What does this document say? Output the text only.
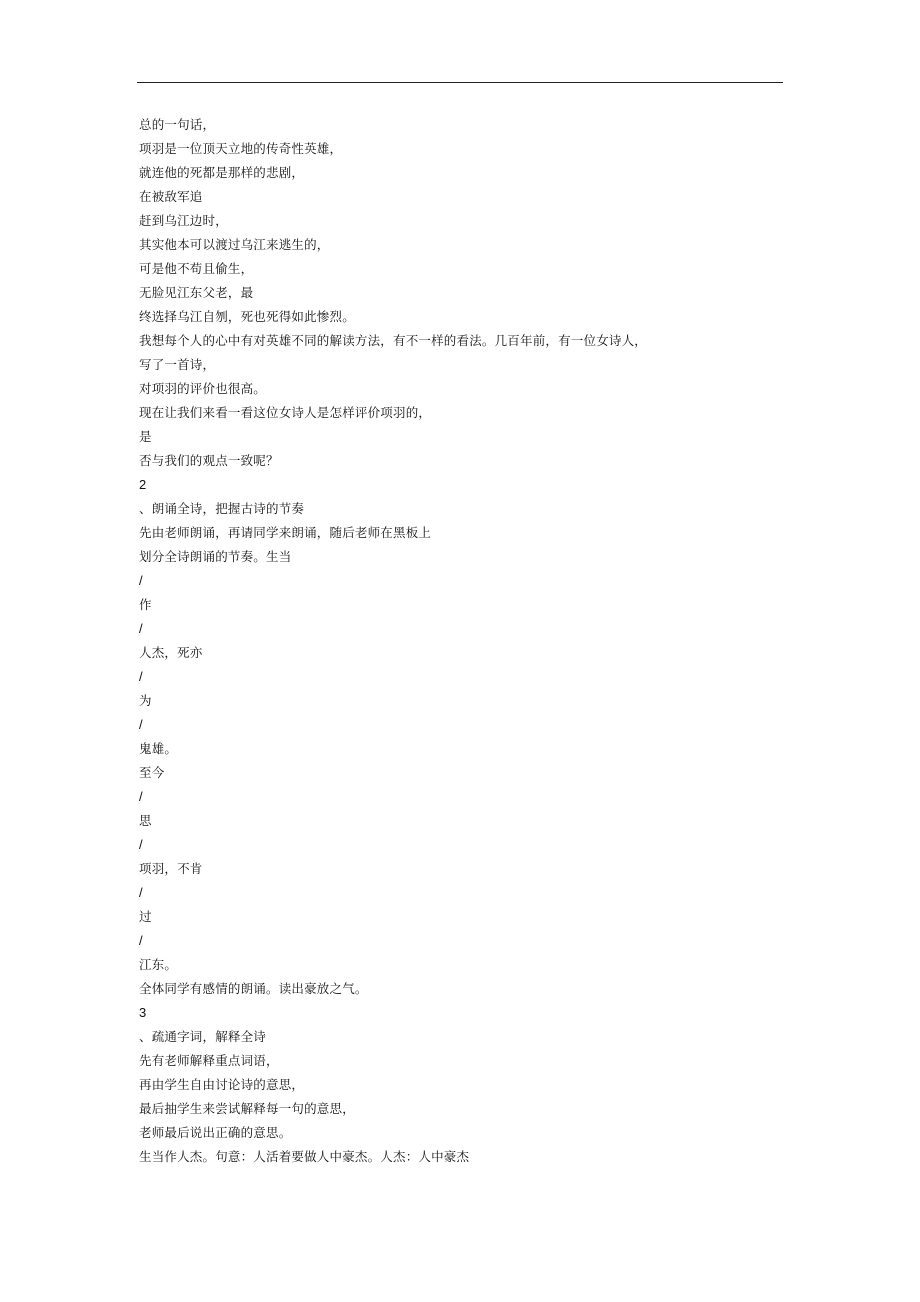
总的一句话，
项羽是一位顶天立地的传奇性英雄，
就连他的死都是那样的悲剧，
在被敌军追
赶到乌江边时，
其实他本可以渡过乌江来逃生的，
可是他不苟且偷生，
无脸见江东父老，最
终选择乌江自刎，死也死得如此惨烈。
我想每个人的心中有对英雄不同的解读方法，有不一样的看法。几百年前，有一位女诗人，
写了一首诗，
对项羽的评价也很高。
现在让我们来看一看这位女诗人是怎样评价项羽的，
是
否与我们的观点一致呢？
2
、朗诵全诗，把握古诗的节奏
先由老师朗诵，再请同学来朗诵，随后老师在黑板上
划分全诗朗诵的节奏。生当
/
作
/
人杰，死亦
/
为
/
鬼雄。
至今
/
思
/
项羽，不肯
/
过
/
江东。
全体同学有感情的朗诵。读出豪放之气。
3
、疏通字词，解释全诗
先有老师解释重点词语，
再由学生自由讨论诗的意思，
最后抽学生来尝试解释每一句的意思，
老师最后说出正确的意思。
生当作人杰。句意：人活着要做人中豪杰。人杰：人中豪杰
